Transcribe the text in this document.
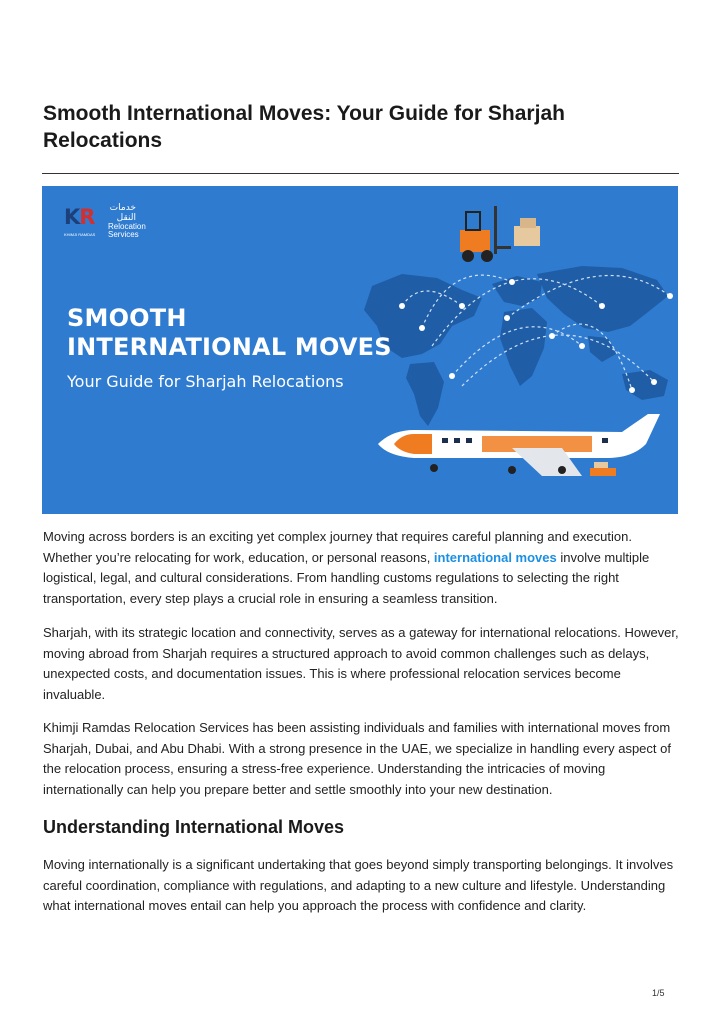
Smooth International Moves: Your Guide for Sharjah Relocations
KR
KHIMJI RAMDAS
خدمات النقل
Relocation Services
SMOOTH
INTERNATIONAL MOVES
Your Guide for Sharjah Relocations

Moving across borders is an exciting yet complex journey that requires careful planning and execution. Whether you’re relocating for work, education, or personal reasons, international moves involve multiple logistical, legal, and cultural considerations. From handling customs regulations to selecting the right transportation, every step plays a crucial role in ensuring a seamless transition.

Sharjah, with its strategic location and connectivity, serves as a gateway for international relocations. However, moving abroad from Sharjah requires a structured approach to avoid common challenges such as delays, unexpected costs, and documentation issues. This is where professional relocation services become invaluable.

Khimji Ramdas Relocation Services has been assisting individuals and families with international moves from Sharjah, Dubai, and Abu Dhabi. With a strong presence in the UAE, we specialize in handling every aspect of the relocation process, ensuring a stress-free experience. Understanding the intricacies of moving internationally can help you prepare better and settle smoothly into your new destination.

Understanding International Moves

Moving internationally is a significant undertaking that goes beyond simply transporting belongings. It involves careful coordination, compliance with regulations, and adapting to a new culture and lifestyle. Understanding what international moves entail can help you approach the process with confidence and clarity.

1/5
